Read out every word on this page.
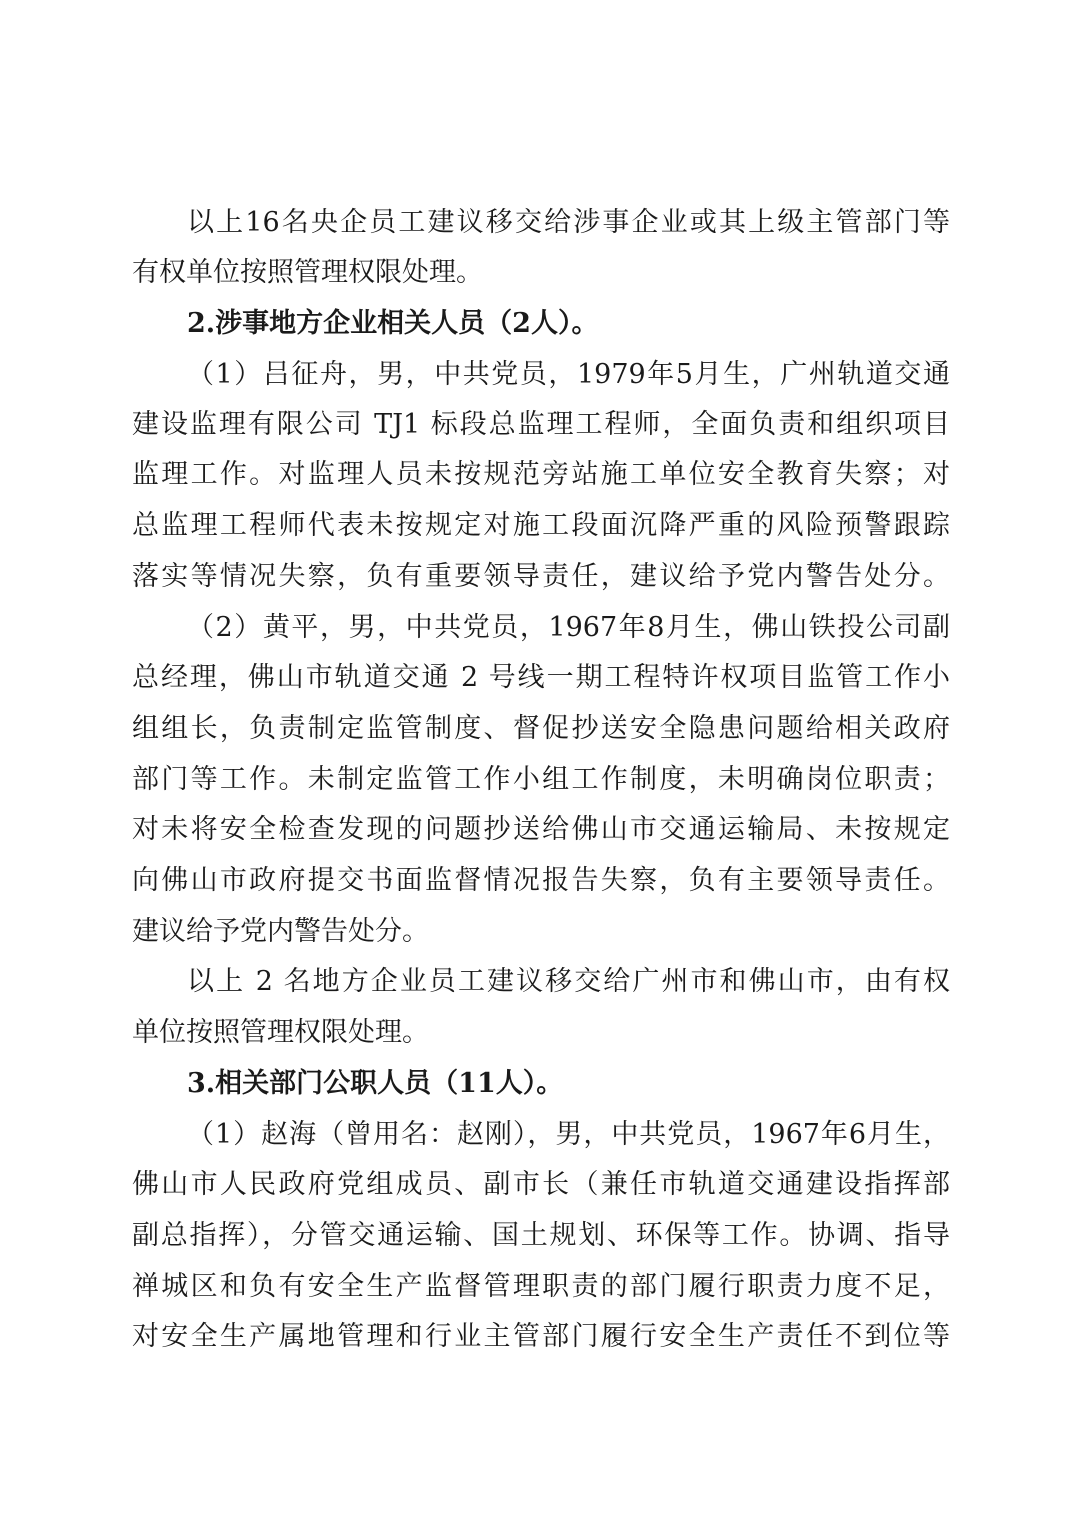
以上16名央企员工建议移交给涉事企业或其上级主管部门等
有权单位按照管理权限处理。
2.涉事地方企业相关人员（2人）。
（1）吕征舟，男，中共党员，1979年5月生，广州轨道交通
建设监理有限公司 TJ1 标段总监理工程师，全面负责和组织项目
监理工作。对监理人员未按规范旁站施工单位安全教育失察；对
总监理工程师代表未按规定对施工段面沉降严重的风险预警跟踪
落实等情况失察，负有重要领导责任，建议给予党内警告处分。
（2）黄平，男，中共党员，1967年8月生，佛山铁投公司副
总经理，佛山市轨道交通 2 号线一期工程特许权项目监管工作小
组组长，负责制定监管制度、督促抄送安全隐患问题给相关政府
部门等工作。未制定监管工作小组工作制度，未明确岗位职责；
对未将安全检查发现的问题抄送给佛山市交通运输局、未按规定
向佛山市政府提交书面监督情况报告失察，负有主要领导责任。
建议给予党内警告处分。
以上 2 名地方企业员工建议移交给广州市和佛山市，由有权
单位按照管理权限处理。
3.相关部门公职人员（11人）。
（1）赵海（曾用名：赵刚），男，中共党员，1967年6月生，
佛山市人民政府党组成员、副市长（兼任市轨道交通建设指挥部
副总指挥），分管交通运输、国土规划、环保等工作。协调、指导
禅城区和负有安全生产监督管理职责的部门履行职责力度不足，
对安全生产属地管理和行业主管部门履行安全生产责任不到位等
